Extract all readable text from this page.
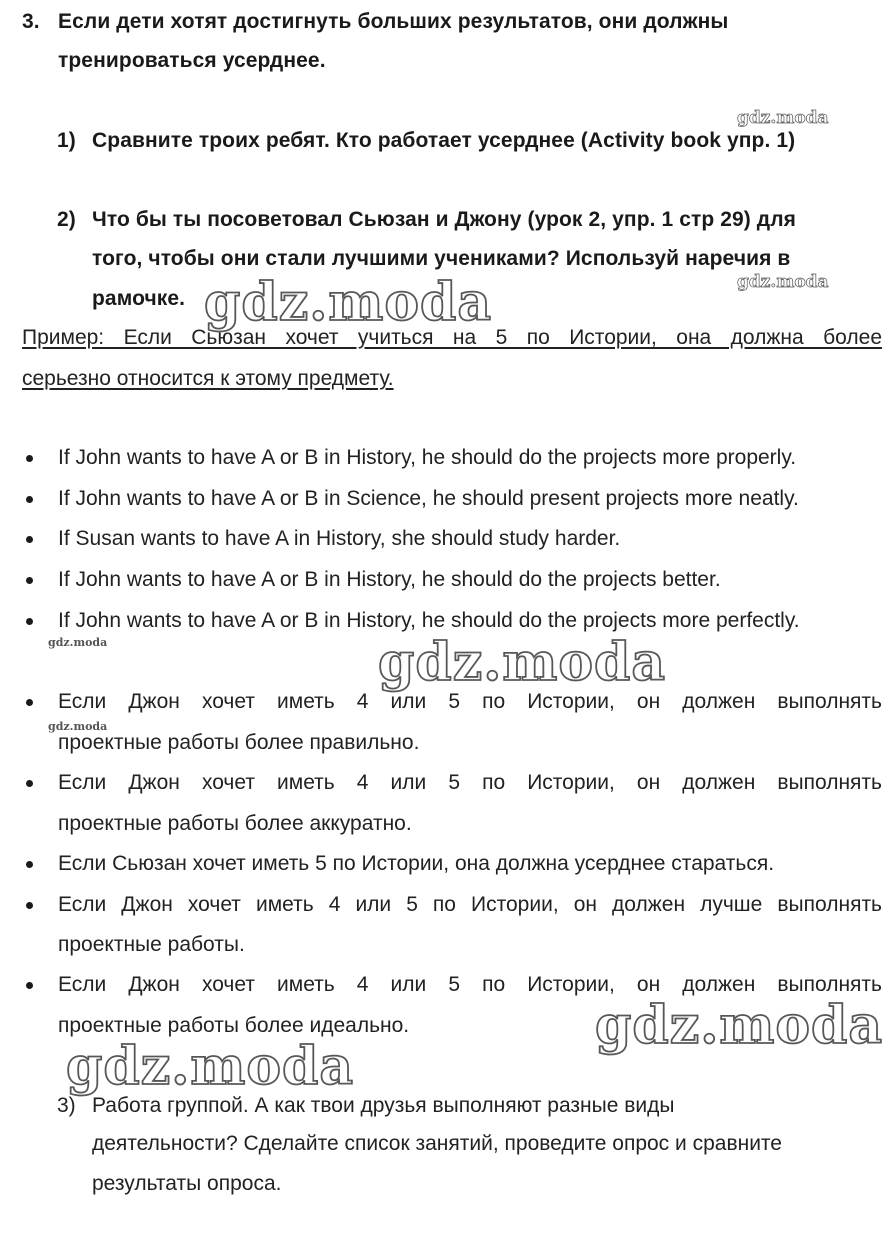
3. Если дети хотят достигнуть больших результатов, они должны
тренироваться усерднее.
1) Сравните троих ребят. Кто работает усерднее (Activity book упр. 1)
2) Что бы ты посоветовал Сьюзан и Джону (урок 2, упр. 1 стр 29) для
того, чтобы они стали лучшими учениками? Используй наречия в
рамочке.
Пример: Если Сьюзан хочет учиться на 5 по Истории, она должна более
серьезно относится к этому предмету.
If John wants to have A or B in History, he should do the projects more properly.
If John wants to have A or B in Science, he should present projects more neatly.
If Susan wants to have A in History, she should study harder.
If John wants to have A or B in History, he should do the projects better.
If John wants to have A or B in History, he should do the projects more perfectly.
Если Джон хочет иметь 4 или 5 по Истории, он должен выполнять
проектные работы более правильно.
Если Джон хочет иметь 4 или 5 по Истории, он должен выполнять
проектные работы более аккуратно.
Если Сьюзан хочет иметь 5 по Истории, она должна усерднее стараться.
Если Джон хочет иметь 4 или 5 по Истории, он должен лучше выполнять
проектные работы.
Если Джон хочет иметь 4 или 5 по Истории, он должен выполнять
проектные работы более идеально.
3) Работа группой. А как твои друзья выполняют разные виды
деятельности? Сделайте список занятий, проведите опрос и сравните
результаты опроса.
gdz.moda
gdz.moda
gdz.moda
gdz.moda	gdz.moda
gdz.moda
gdz.moda
gdz.moda
